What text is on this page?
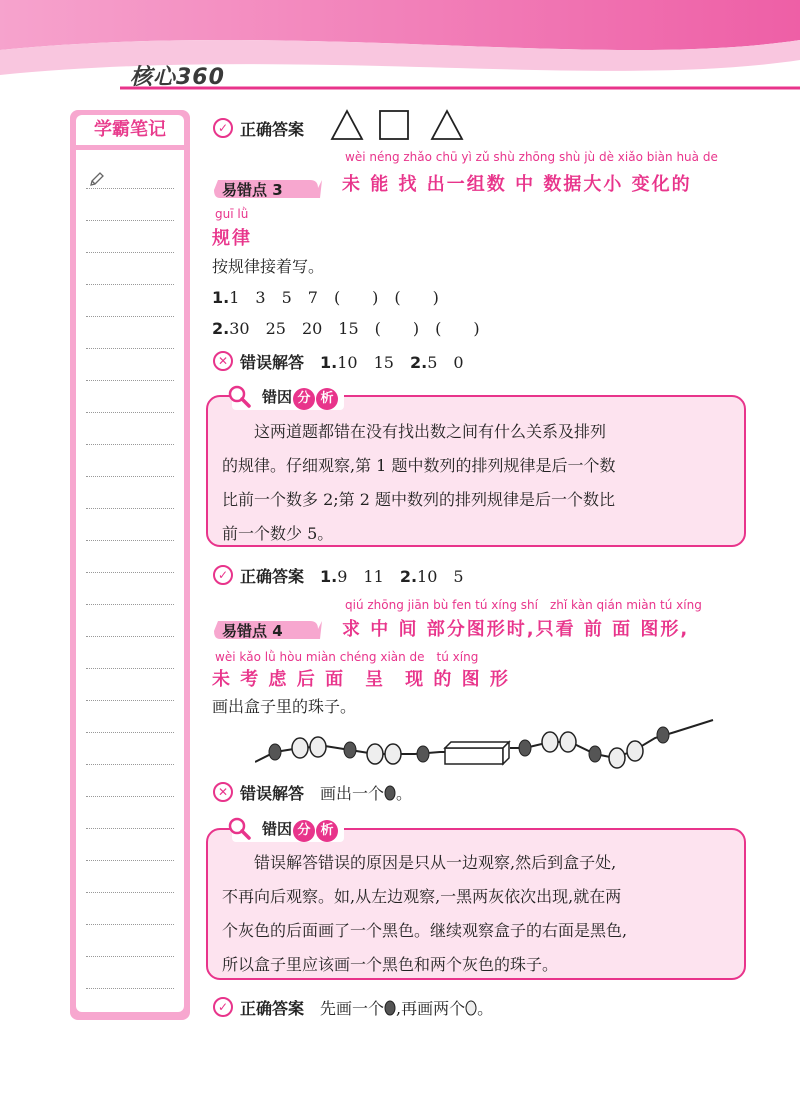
核心360
学霸笔记	✓ 正确答案
易错点 3
wèi néng zhǎo chū yì zǔ shù zhōng shù jù dè xiǎo biàn huà de
未 能 找 出一组数 中 数据大小 变化的
guī lǜ
规律
按规律接着写。
1.1　3　5　7　(　　)　(　　)
2.30　25　20　15　(　　)　(　　)
✕ 错误解答　 1.10　15　 2.5　0
错因 分 析
这两道题都错在没有找出数之间有什么关系及排列
的规律。仔细观察,第 1 题中数列的排列规律是后一个数
比前一个数多 2;第 2 题中数列的排列规律是后一个数比
前一个数少 5。
✓ 正确答案　 1.9　11　 2.10　5
易错点 4
qiú zhōng jiān bù fen tú xíng shí　zhǐ kàn qián miàn tú xíng
求 中 间 部分图形时,只看 前 面 图形,
wèi kǎo lǜ hòu miàn chéng xiàn de　tú xíng
未 考 虑 后 面　呈　现 的 图 形
画出盒子里的珠子。
✕ 错误解答　 画出一个 。
错因 分 析
错误解答错误的原因是只从一边观察,然后到盒子处,
不再向后观察。如,从左边观察,一黑两灰依次出现,就在两
个灰色的后面画了一个黑色。继续观察盒子的右面是黑色,
所以盒子里应该画一个黑色和两个灰色的珠子。
✓ 正确答案　 先画一个 ,再画两个 。
